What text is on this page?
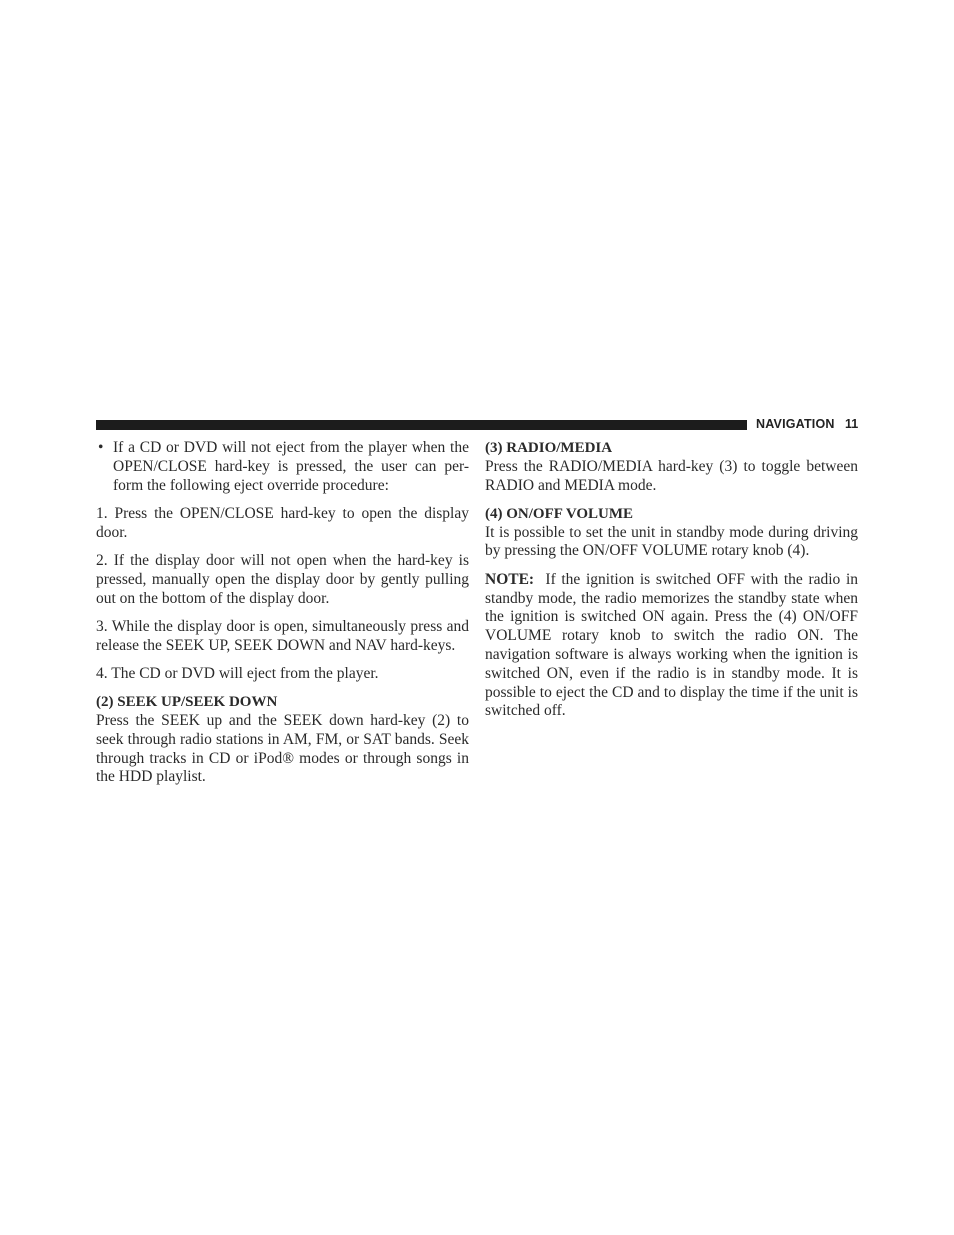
NAVIGATION 11
• If a CD or DVD will not eject from the player when the OPEN/CLOSE hard-key is pressed, the user can per-form the following eject override procedure:

1. Press the OPEN/CLOSE hard-key to open the display door.

2. If the display door will not open when the hard-key is pressed, manually open the display door by gently pulling out on the bottom of the display door.

3. While the display door is open, simultaneously press and release the SEEK UP, SEEK DOWN and NAV hard-keys.

4. The CD or DVD will eject from the player.

(2) SEEK UP/SEEK DOWN

Press the SEEK up and the SEEK down hard-key (2) to seek through radio stations in AM, FM, or SAT bands. Seek through tracks in CD or iPod® modes or through songs in the HDD playlist.

(3) RADIO/MEDIA

Press the RADIO/MEDIA hard-key (3) to toggle between RADIO and MEDIA mode.

(4) ON/OFF VOLUME

It is possible to set the unit in standby mode during driving by pressing the ON/OFF VOLUME rotary knob (4).

NOTE: If the ignition is switched OFF with the radio in standby mode, the radio memorizes the standby state when the ignition is switched ON again. Press the (4) ON/OFF VOLUME rotary knob to switch the radio ON. The navigation software is always working when the ignition is switched ON, even if the radio is in standby mode. It is possible to eject the CD and to display the time if the unit is switched off.
